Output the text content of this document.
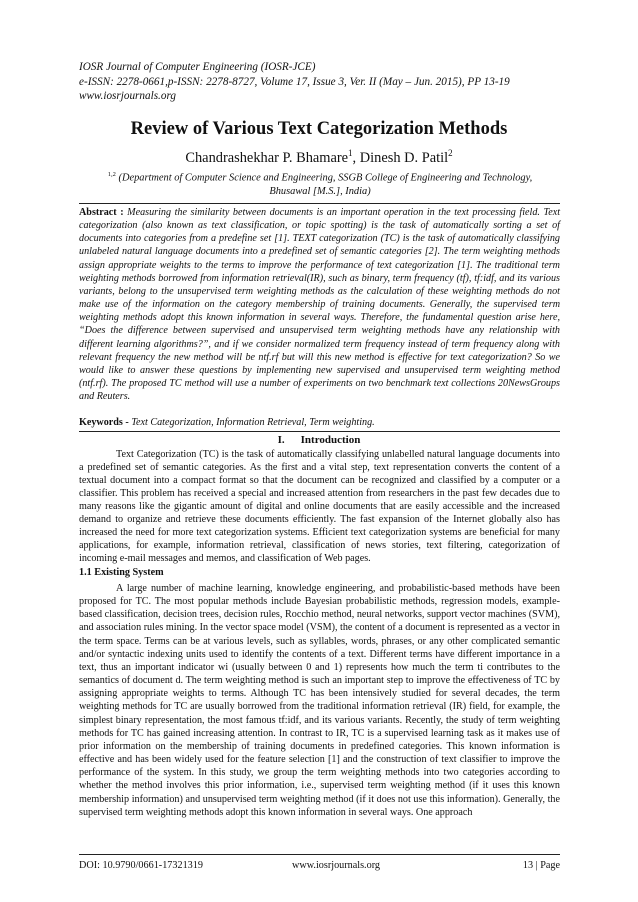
IOSR Journal of Computer Engineering (IOSR-JCE)
e-ISSN: 2278-0661,p-ISSN: 2278-8727, Volume 17, Issue 3, Ver. II (May – Jun. 2015), PP 13-19
www.iosrjournals.org
Review of Various Text Categorization Methods
Chandrashekhar P. Bhamare$^1$, Dinesh D. Patil$^2$
$^{1,2}$ (Department of Computer Science and Engineering, SSGB College of Engineering and Technology, Bhusawal [M.S.], India)
Abstract : Measuring the similarity between documents is an important operation in the text processing field. Text categorization (also known as text classification, or topic spotting) is the task of automatically sorting a set of documents into categories from a predefine set [1]. TEXT categorization (TC) is the task of automatically classifying unlabeled natural language documents into a predefined set of semantic categories [2]. The term weighting methods assign appropriate weights to the terms to improve the performance of text categorization [1]. The traditional term weighting methods borrowed from information retrieval(IR), such as binary, term frequency (tf), tf:idf, and its various variants, belong to the unsupervised term weighting methods as the calculation of these weighting methods do not make use of the information on the category membership of training documents. Generally, the supervised term weighting methods adopt this known information in several ways. Therefore, the fundamental question arise here, “Does the difference between supervised and unsupervised term weighting methods have any relationship with different learning algorithms?”, and if we consider normalized term frequency instead of term frequency along with relevant frequency the new method will be ntf.rf but will this new method is effective for text categorization? So we would like to answer these questions by implementing new supervised and unsupervised term weighting method (ntf.rf). The proposed TC method will use a number of experiments on two benchmark text collections 20NewsGroups and Reuters.
Keywords - Text Categorization, Information Retrieval, Term weighting.
I. Introduction
Text Categorization (TC) is the task of automatically classifying unlabelled natural language documents into a predefined set of semantic categories. As the first and a vital step, text representation converts the content of a textual document into a compact format so that the document can be recognized and classified by a computer or a classifier. This problem has received a special and increased attention from researchers in the past few decades due to many reasons like the gigantic amount of digital and online documents that are easily accessible and the increased demand to organize and retrieve these documents efficiently. The fast expansion of the Internet globally also has increased the need for more text categorization systems. Efficient text categorization systems are beneficial for many applications, for example, information retrieval, classification of news stories, text filtering, categorization of incoming e-mail messages and memos, and classification of Web pages.
1.1 Existing System
A large number of machine learning, knowledge engineering, and probabilistic-based methods have been proposed for TC. The most popular methods include Bayesian probabilistic methods, regression models, example-based classification, decision trees, decision rules, Rocchio method, neural networks, support vector machines (SVM), and association rules mining. In the vector space model (VSM), the content of a document is represented as a vector in the term space. Terms can be at various levels, such as syllables, words, phrases, or any other complicated semantic and/or syntactic indexing units used to identify the contents of a text. Different terms have different importance in a text, thus an important indicator wi (usually between 0 and 1) represents how much the term ti contributes to the semantics of document d. The term weighting method is such an important step to improve the effectiveness of TC by assigning appropriate weights to terms. Although TC has been intensively studied for several decades, the term weighting methods for TC are usually borrowed from the traditional information retrieval (IR) field, for example, the simplest binary representation, the most famous tf:idf, and its various variants. Recently, the study of term weighting methods for TC has gained increasing attention. In contrast to IR, TC is a supervised learning task as it makes use of prior information on the membership of training documents in predefined categories. This known information is effective and has been widely used for the feature selection [1] and the construction of text classifier to improve the performance of the system. In this study, we group the term weighting methods into two categories according to whether the method involves this prior information, i.e., supervised term weighting method (if it uses this known membership information) and unsupervised term weighting method (if it does not use this information). Generally, the supervised term weighting methods adopt this known information in several ways. One approach
DOI: 10.9790/0661-17321319	www.iosrjournals.org	13 | Page
